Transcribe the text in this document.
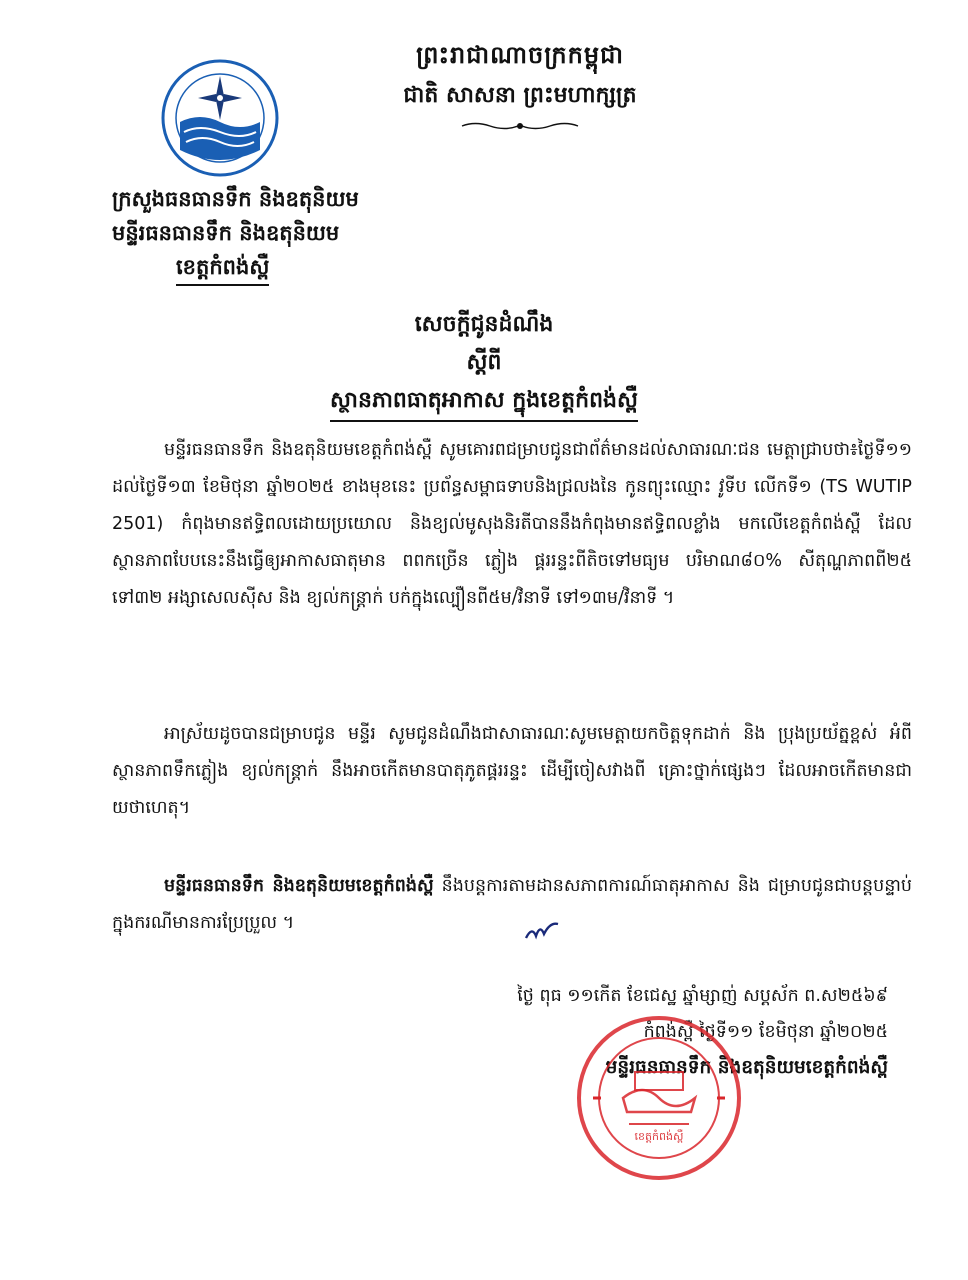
ព្រះរាជាណាចក្រកម្ពុជា
ជាតិ សាសនា ព្រះមហាក្សត្រ
ក្រសួងធនធានទឹក និងឧតុនិយម
មន្ទីរធនធានទឹក និងឧតុនិយម
ខេត្តកំពង់ស្ពឺ
សេចក្តីជូនដំណឹង
ស្តីពី
ស្ថានភាពធាតុអាកាស ក្នុងខេត្តកំពង់ស្ពឺ
មន្ទីរធនធានទឹក និងឧតុនិយមខេត្តកំពង់ស្ពឺ សូមគោរពជម្រាបជូនជាព័ត៌មានដល់សាធារណៈជន មេត្តាជ្រាបថា៖ថ្ងៃទី១១ ដល់ថ្ងៃទី១៣ ខែមិថុនា ឆ្នាំ២០២៥ ខាងមុខនេះ ប្រព័ន្ធសម្ពាធទាបនិងជ្រលងនៃ កូនព្យុះឈ្មោះ វូទីប លើកទី១ (TS WUTIP 2501) កំពុងមានឥទ្ធិពលដោយប្រយោល និងខ្យល់មូសុងនិរតីបាននឹងកំពុងមានឥទ្ធិពលខ្លាំង មកលើខេត្តកំពង់ស្ពឺ ដែលស្ថានភាពបែបនេះនឹងធ្វើឲ្យអាកាសធាតុមាន ពពកច្រើន ភ្លៀង ផ្គររន្ទះពីតិចទៅមធ្យម បរិមាណ៨០% សីតុណ្ហភាពពី២៥ ទៅ៣២ អង្សាសេលស៊ីស និង ខ្យល់កន្ត្រាក់ បក់ក្នុងល្បឿនពី៥ម/វិនាទី ទៅ១៣ម/វិនាទី ។
អាស្រ័យដូចបានជម្រាបជូន មន្ទីរ សូមជូនដំណឹងជាសាធារណៈសូមមេត្តាយកចិត្តទុកដាក់ និង ប្រុងប្រយ័ត្នខ្ពស់ អំពីស្ថានភាពទឹកភ្លៀង ខ្យល់កន្ត្រាក់ នឹងអាចកើតមានបាតុភូតផ្គររន្ទះ ដើម្បីចៀសវាងពី គ្រោះថ្នាក់ផ្សេងៗ ដែលអាចកើតមានជាយថាហេតុ។
មន្ទីរធនធានទឹក និងឧតុនិយមខេត្តកំពង់ស្ពឺ នឹងបន្តការតាមដានសភាពការណ៍ធាតុអាកាស និង ជម្រាបជូនជាបន្តបន្ទាប់ ក្នុងករណីមានការប្រែប្រួល ។
ថ្ងៃ ពុធ ១១កើត ខែជេស្ឋ ឆ្នាំម្សាញ់ សប្តស័ក ព.ស២៥៦៩
កំពង់ស្ពឺ ថ្ងៃទី១១ ខែមិថុនា ឆ្នាំ២០២៥
មន្ទីរធនធានទឹក និងឧតុនិយមខេត្តកំពង់ស្ពឺ
ខេត្តកំពង់ស្ពឺ
